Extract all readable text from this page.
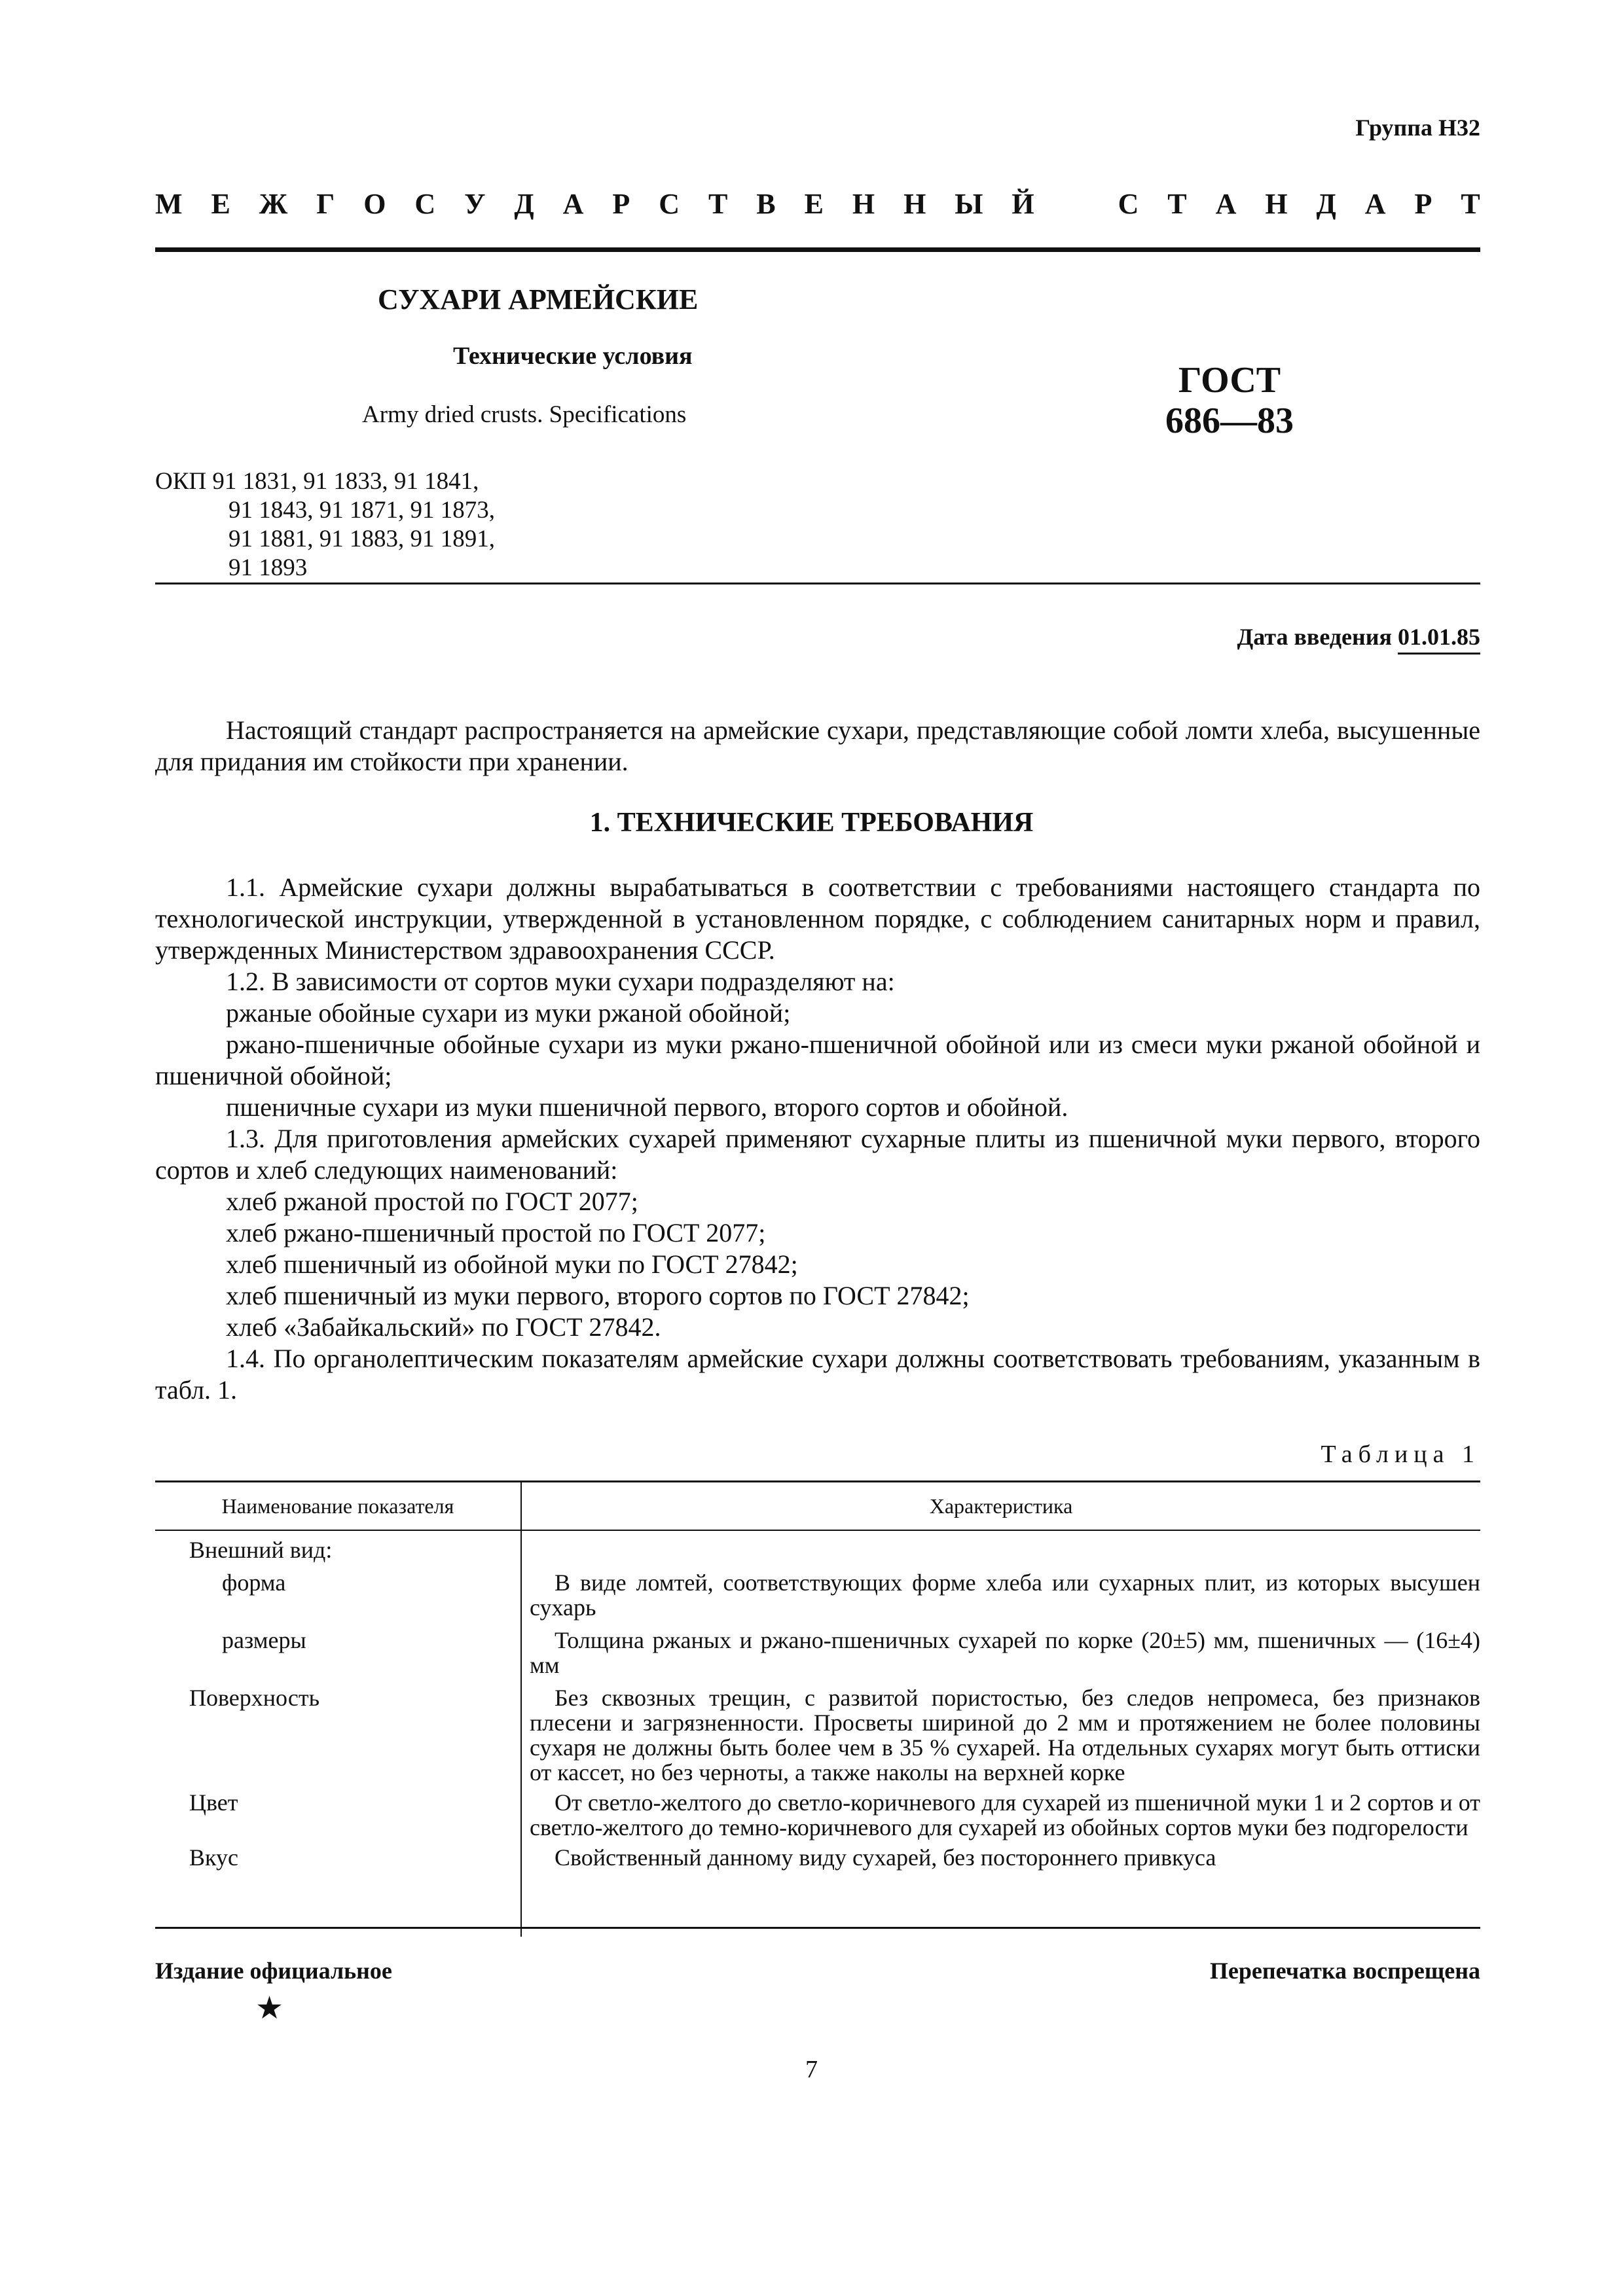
Группа Н32
М Е Ж Г О С У Д А Р С Т В Е Н Н Ы Й	С Т А Н Д А Р Т
СУХАРИ АРМЕЙСКИЕ
Технические условия
Army dried crusts. Specifications
ГОСТ
686—83
ОКП 91 1831, 91 1833, 91 1841,
91 1843, 91 1871, 91 1873,
91 1881, 91 1883, 91 1891,
91 1893
Дата введения 01.01.85
Настоящий стандарт распространяется на армейские сухари, представляющие собой ломти хлеба, высушенные для придания им стойкости при хранении.
1. ТЕХНИЧЕСКИЕ ТРЕБОВАНИЯ
1.1. Армейские сухари должны вырабатываться в соответствии с требованиями настоящего стандарта по технологической инструкции, утвержденной в установленном порядке, с соблюдением санитарных норм и правил, утвержденных Министерством здравоохранения СССР.
1.2. В зависимости от сортов муки сухари подразделяют на:
ржаные обойные сухари из муки ржаной обойной;
ржано-пшеничные обойные сухари из муки ржано-пшеничной обойной или из смеси муки ржаной обойной и пшеничной обойной;
пшеничные сухари из муки пшеничной первого, второго сортов и обойной.
1.3. Для приготовления армейских сухарей применяют сухарные плиты из пшеничной муки первого, второго сортов и хлеб следующих наименований:
хлеб ржаной простой по ГОСТ 2077;
хлеб ржано-пшеничный простой по ГОСТ 2077;
хлеб пшеничный из обойной муки по ГОСТ 27842;
хлеб пшеничный из муки первого, второго сортов по ГОСТ 27842;
хлеб «Забайкальский» по ГОСТ 27842.
1.4. По органолептическим показателям армейские сухари должны соответствовать требованиям, указанным в табл. 1.
Таблица 1
Наименование показателя	Характеристика
Внешний вид:
форма	В виде ломтей, соответствующих форме хлеба или сухарных плит, из которых высушен сухарь
размеры	Толщина ржаных и ржано-пшеничных сухарей по корке (20±5) мм, пшеничных — (16±4) мм
Поверхность	Без сквозных трещин, с развитой пористостью, без следов непромеса, без признаков плесени и загрязненности. Просветы шириной до 2 мм и протяжением не более половины сухаря не должны быть более чем в 35 % сухарей. На отдельных сухарях могут быть оттиски от кассет, но без черноты, а также наколы на верхней корке
Цвет	От светло-желтого до светло-коричневого для сухарей из пшеничной муки 1 и 2 сортов и от светло-желтого до темно-коричневого для сухарей из обойных сортов муки без подгорелости
Вкус	Свойственный данному виду сухарей, без постороннего привкуса
Издание официальное
★
Перепечатка воспрещена
7
